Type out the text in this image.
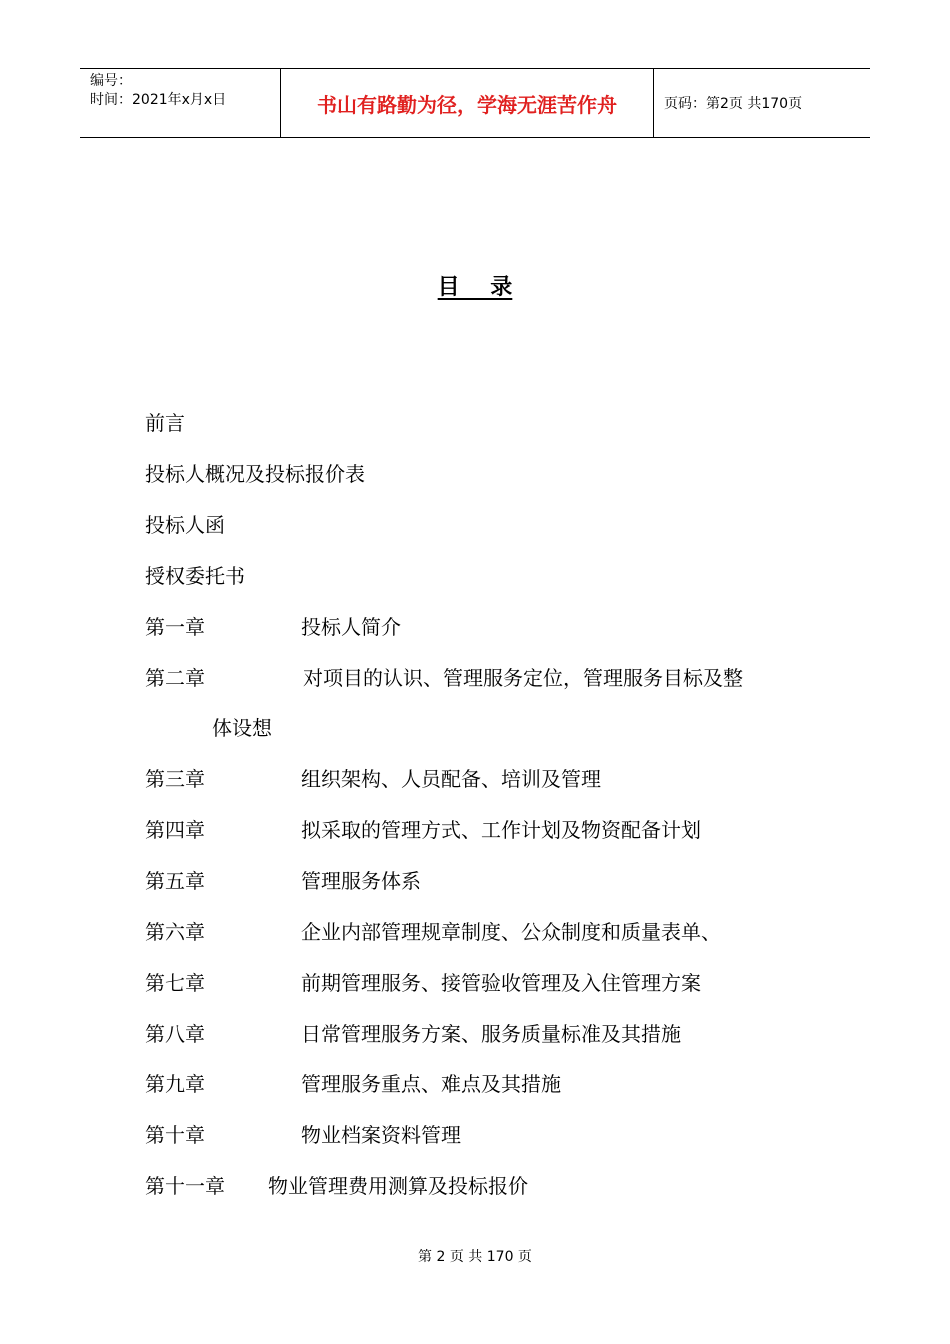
编号：
时间：2021年x月x日	书山有路勤为径，学海无涯苦作舟	页码：第2页 共170页
目    录
前言
投标人概况及投标报价表
投标人函
授权委托书
第一章	投标人简介
第二章	对项目的认识、管理服务定位，管理服务目标及整
体设想
第三章	组织架构、人员配备、培训及管理
第四章	拟采取的管理方式、工作计划及物资配备计划
第五章	管理服务体系
第六章	企业内部管理规章制度、公众制度和质量表单、
第七章	前期管理服务、接管验收管理及入住管理方案
第八章	日常管理服务方案、服务质量标准及其措施
第九章	管理服务重点、难点及其措施
第十章	物业档案资料管理
第十一章 物业管理费用测算及投标报价
第 2 页 共 170 页
